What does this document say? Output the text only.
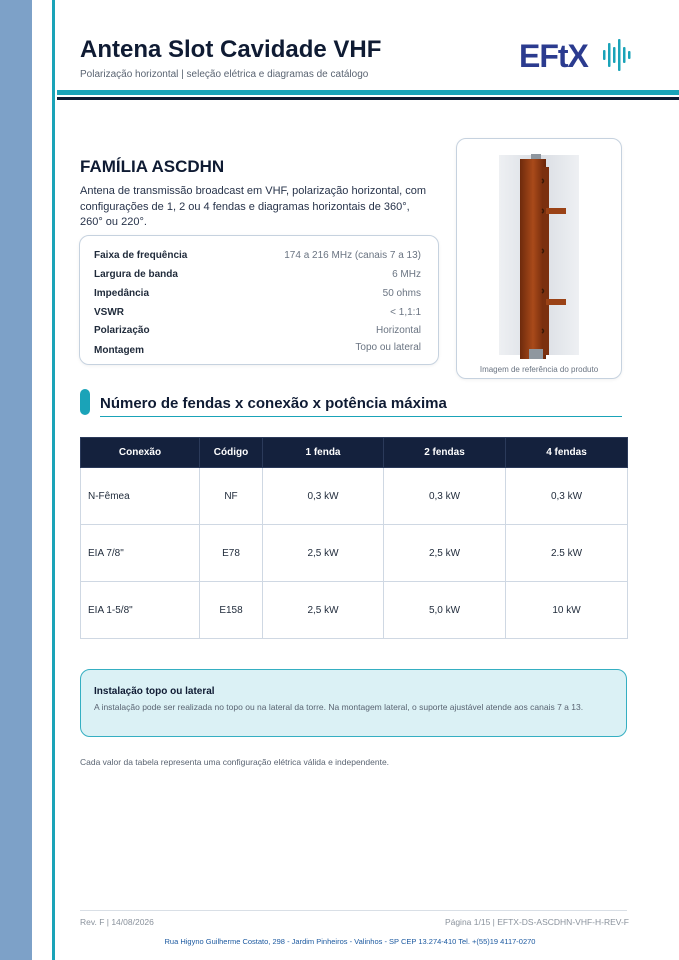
Antena Slot Cavidade VHF
Polarização horizontal | seleção elétrica e diagramas de catálogo
EFtX
FAMÍLIA ASCDHN
Antena de transmissão broadcast em VHF, polarização horizontal, com configurações de 1, 2 ou 4 fendas e diagramas horizontais de 360°, 260° ou 220°.
Faixa de frequência	174 a 216 MHz (canais 7 a 13)
Largura de banda	6 MHz
Impedância	50 ohms
VSWR	< 1,1:1
Polarização	Horizontal
Montagem	Topo ou lateral
Imagem de referência do produto
Número de fendas x conexão x potência máxima
Conexão	Código	1 fenda	2 fendas	4 fendas
N-Fêmea	NF	0,3 kW	0,3 kW	0,3 kW
EIA 7/8"	E78	2,5 kW	2,5 kW	2.5 kW
EIA 1-5/8"	E158	2,5 kW	5,0 kW	10 kW
Instalação topo ou lateral
A instalação pode ser realizada no topo ou na lateral da torre. Na montagem lateral, o suporte ajustável atende aos canais 7 a 13.
Cada valor da tabela representa uma configuração elétrica válida e independente.
Rev. F | 14/08/2026	Página 1/15 | EFTX-DS-ASCDHN-VHF-H-REV-F
Rua Higyno Guilherme Costato, 298 - Jardim Pinheiros - Valinhos - SP CEP 13.274-410 Tel. +(55)19 4117-0270
